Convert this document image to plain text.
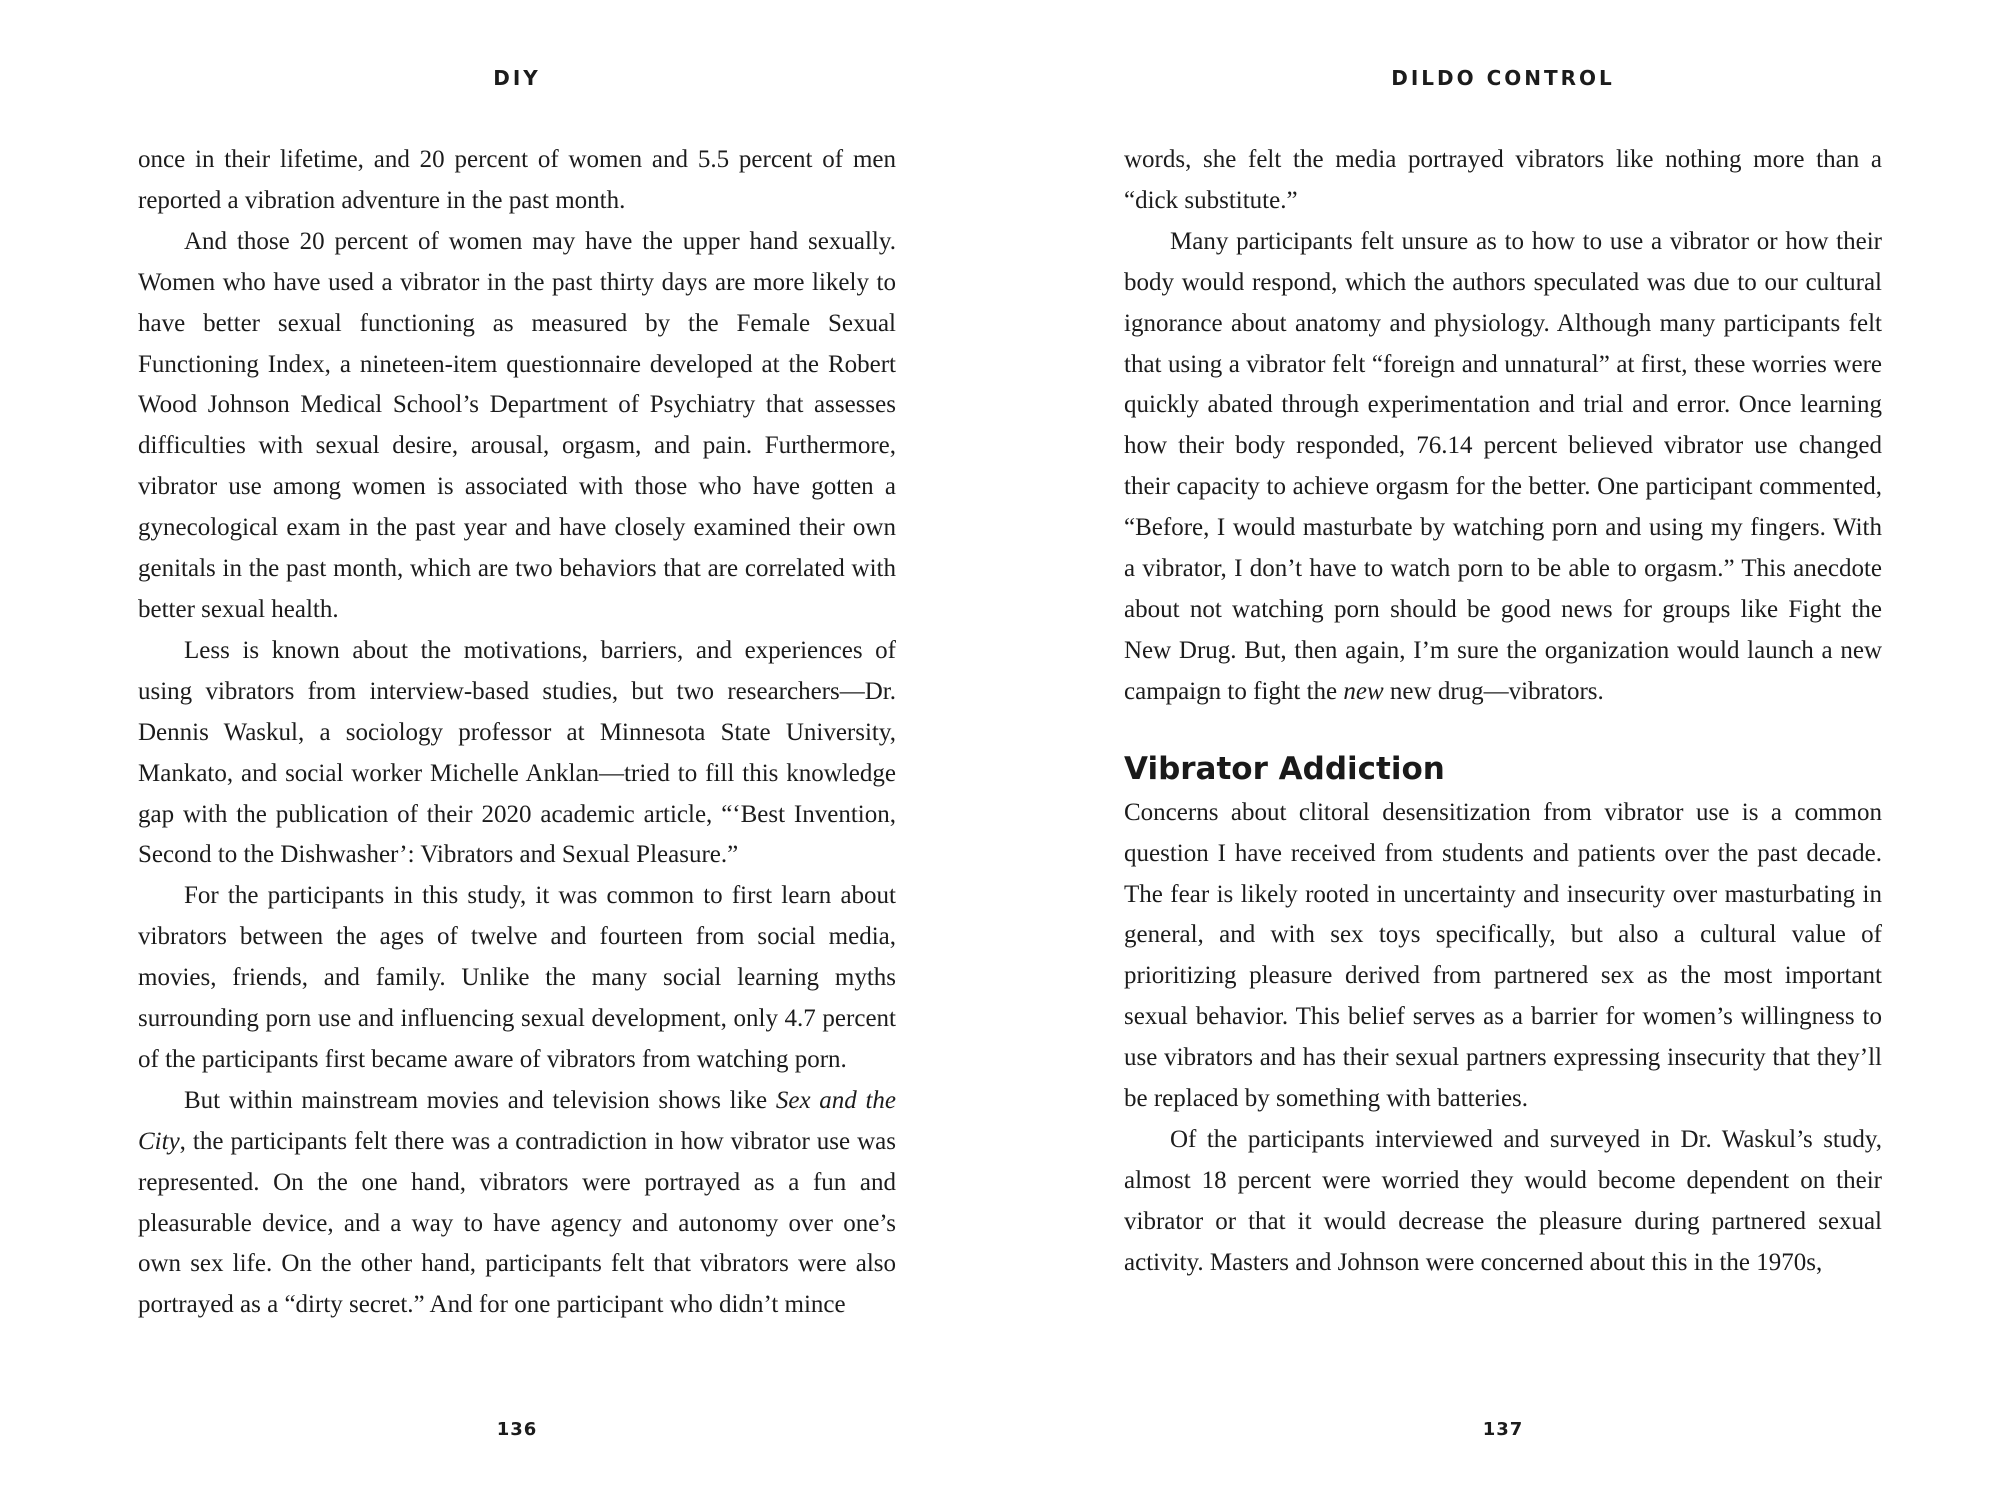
DIY

once in their lifetime, and 20 percent of women and 5.5 percent of men reported a vibration adventure in the past month.

And those 20 percent of women may have the upper hand sexually. Women who have used a vibrator in the past thirty days are more likely to have better sexual functioning as measured by the Female Sexual Functioning Index, a nineteen-item questionnaire developed at the Robert Wood Johnson Medical School’s Department of Psychiatry that assesses difficulties with sexual desire, arousal, orgasm, and pain. Furthermore, vibrator use among women is associated with those who have gotten a gynecological exam in the past year and have closely examined their own genitals in the past month, which are two behaviors that are correlated with better sexual health.

Less is known about the motivations, barriers, and experiences of using vibrators from interview-based studies, but two researchers—Dr. Dennis Waskul, a sociology professor at Minnesota State University, Mankato, and social worker Michelle Anklan—tried to fill this knowledge gap with the publication of their 2020 academic article, “‘Best Invention, Second to the Dishwasher’: Vibrators and Sexual Pleasure.”

For the participants in this study, it was common to first learn about vibrators between the ages of twelve and fourteen from social media, movies, friends, and family. Unlike the many social learning myths surrounding porn use and influencing sexual development, only 4.7 percent of the participants first became aware of vibrators from watching porn.

But within mainstream movies and television shows like Sex and the City, the participants felt there was a contradiction in how vibrator use was represented. On the one hand, vibrators were portrayed as a fun and pleasurable device, and a way to have agency and autonomy over one’s own sex life. On the other hand, participants felt that vibrators were also portrayed as a “dirty secret.” And for one participant who didn’t mince

136
DILDO CONTROL

words, she felt the media portrayed vibrators like nothing more than a “dick substitute.”

Many participants felt unsure as to how to use a vibrator or how their body would respond, which the authors speculated was due to our cultural ignorance about anatomy and physiology. Although many participants felt that using a vibrator felt “foreign and unnatural” at first, these worries were quickly abated through experimentation and trial and error. Once learning how their body responded, 76.14 percent believed vibrator use changed their capacity to achieve orgasm for the better. One participant commented, “Before, I would masturbate by watching porn and using my fingers. With a vibrator, I don’t have to watch porn to be able to orgasm.” This anecdote about not watching porn should be good news for groups like Fight the New Drug. But, then again, I’m sure the organization would launch a new campaign to fight the new new drug—vibrators.

Vibrator Addiction

Concerns about clitoral desensitization from vibrator use is a common question I have received from students and patients over the past decade. The fear is likely rooted in uncertainty and insecurity over masturbating in general, and with sex toys specifically, but also a cultural value of prioritizing pleasure derived from partnered sex as the most important sexual behavior. This belief serves as a barrier for women’s willingness to use vibrators and has their sexual partners expressing insecurity that they’ll be replaced by something with batteries.

Of the participants interviewed and surveyed in Dr. Waskul’s study, almost 18 percent were worried they would become dependent on their vibrator or that it would decrease the pleasure during partnered sexual activity. Masters and Johnson were concerned about this in the 1970s,

137
